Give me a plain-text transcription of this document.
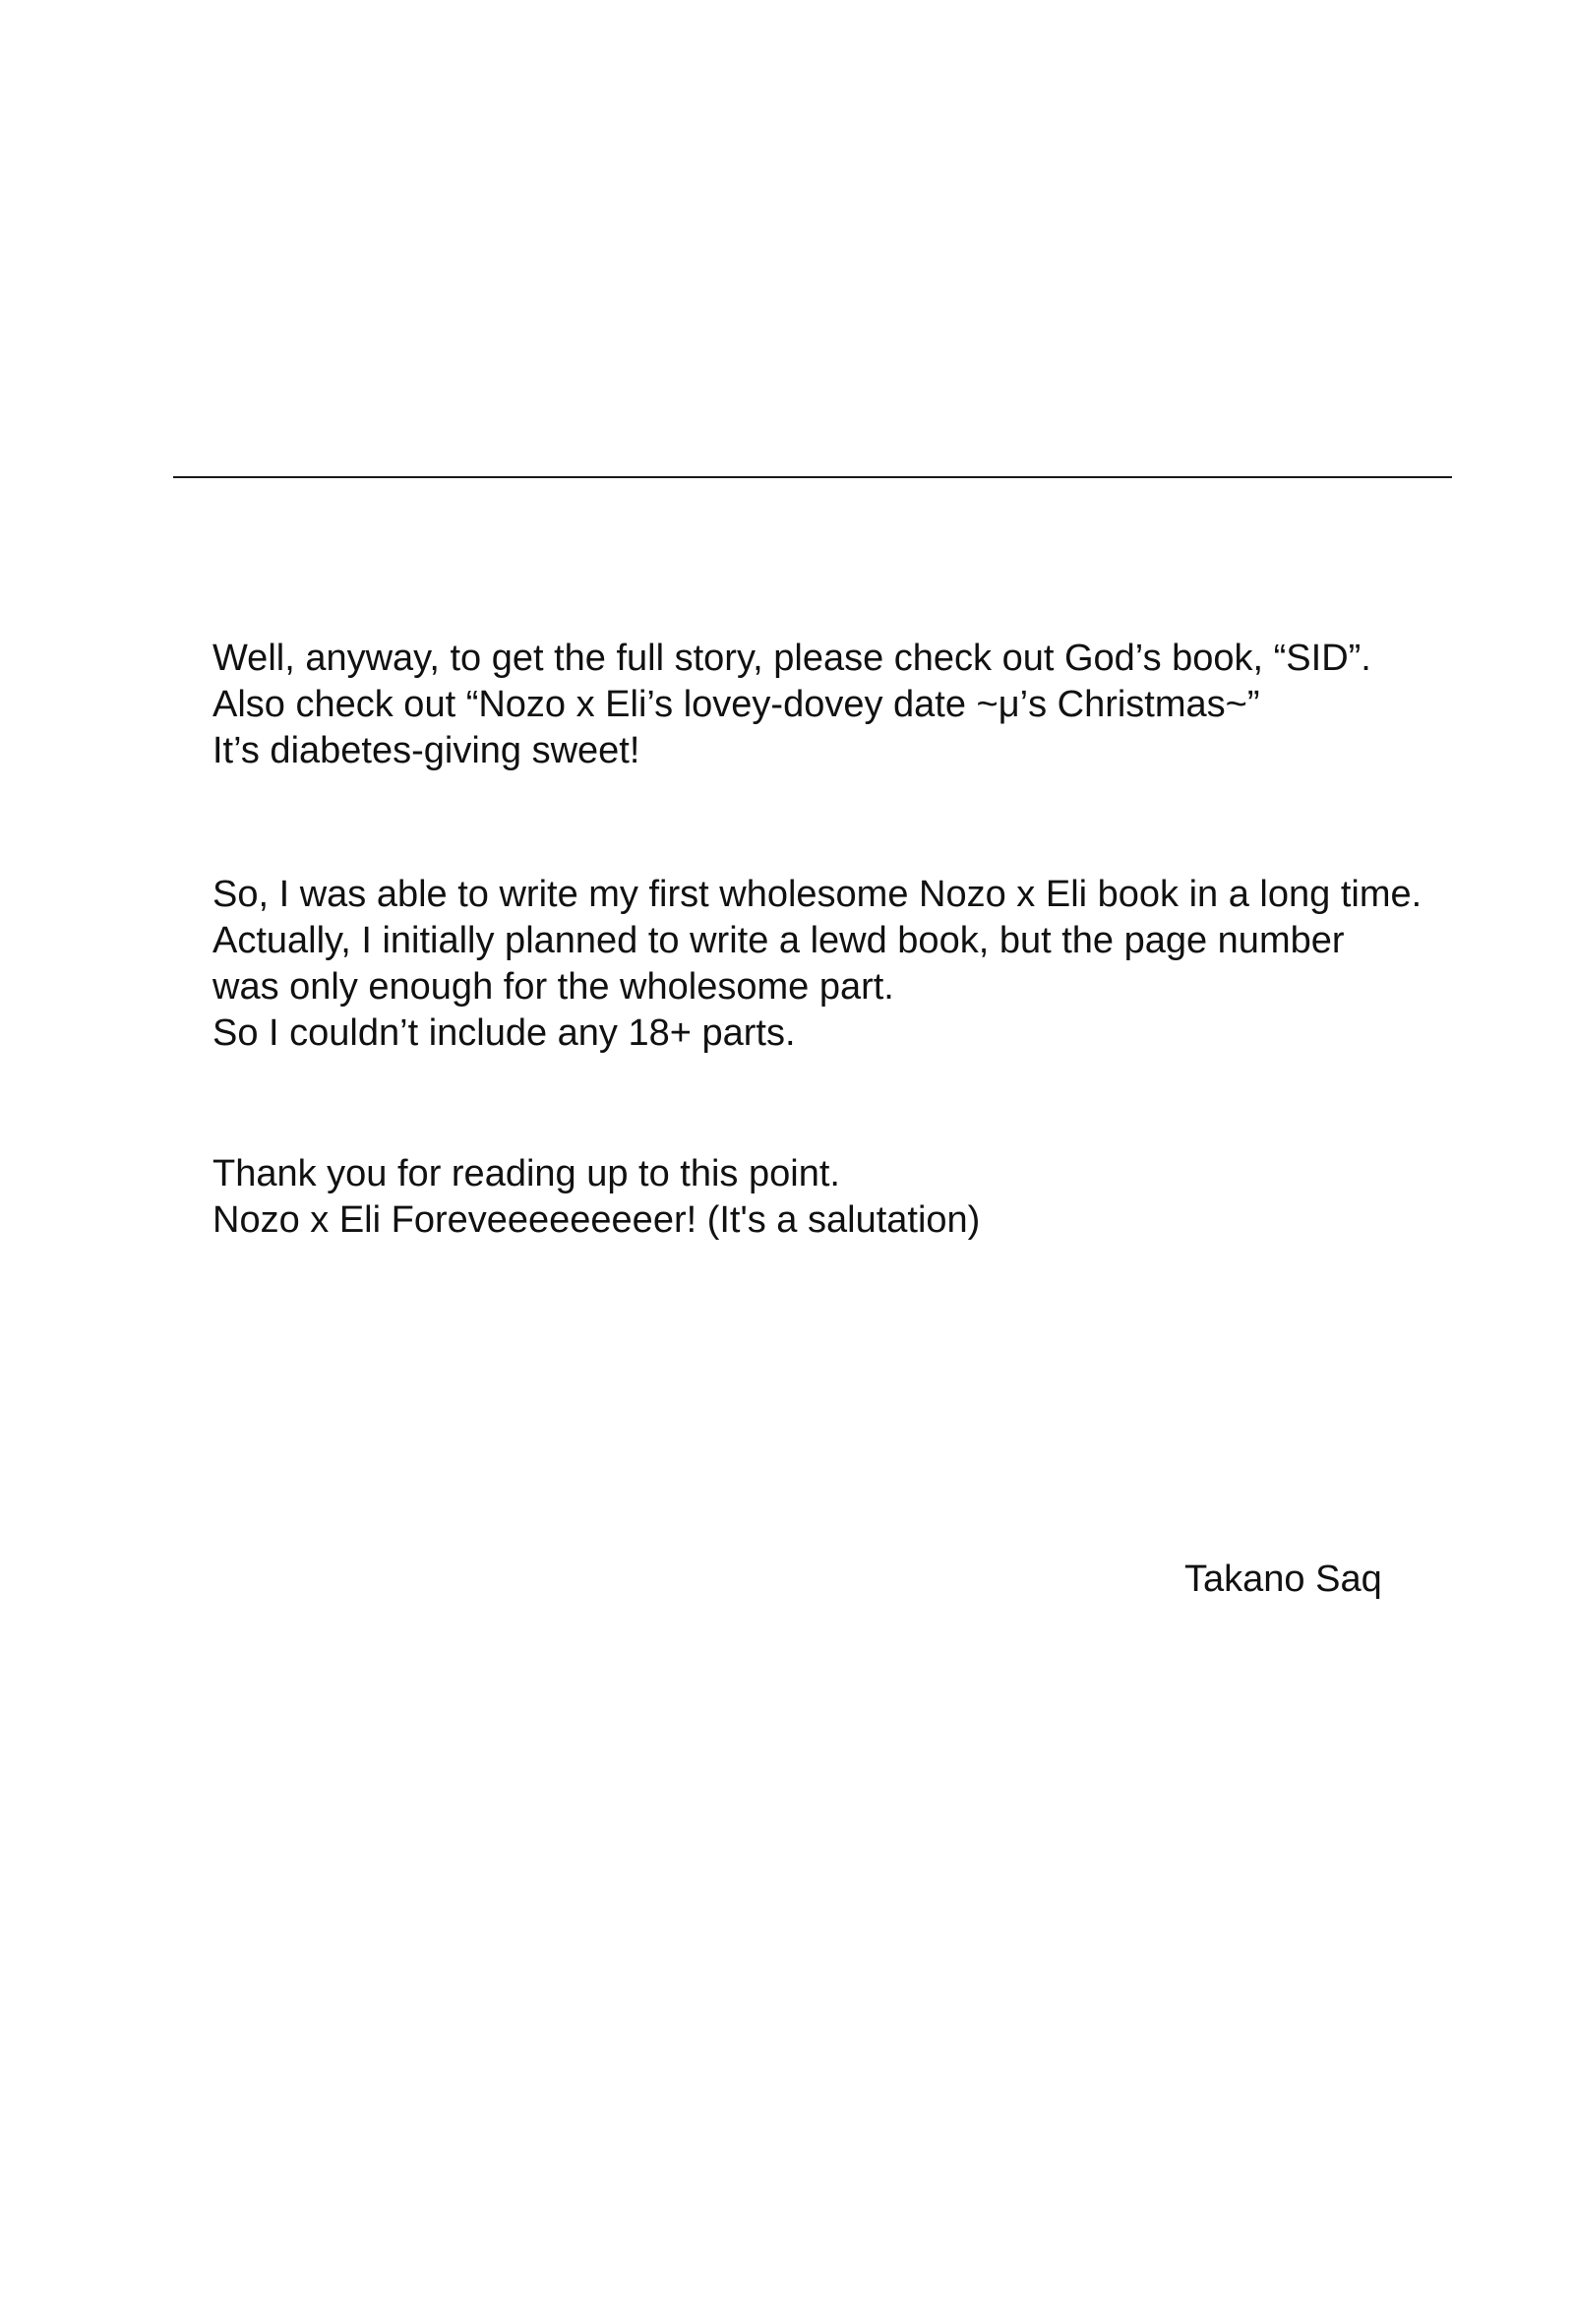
Well, anyway, to get the full story, please check out God’s book, “SID”.
Also check out “Nozo x Eli’s lovey-dovey date ~μ’s Christmas~”
It’s diabetes-giving sweet!
So, I was able to write my first wholesome Nozo x Eli book in a long time.
Actually, I initially planned to write a lewd book, but the page number
was only enough for the wholesome part.
So I couldn’t include any 18+ parts.
Thank you for reading up to this point.
Nozo x Eli Foreveeeeeeeeer! (It's a salutation)
Takano Saq
